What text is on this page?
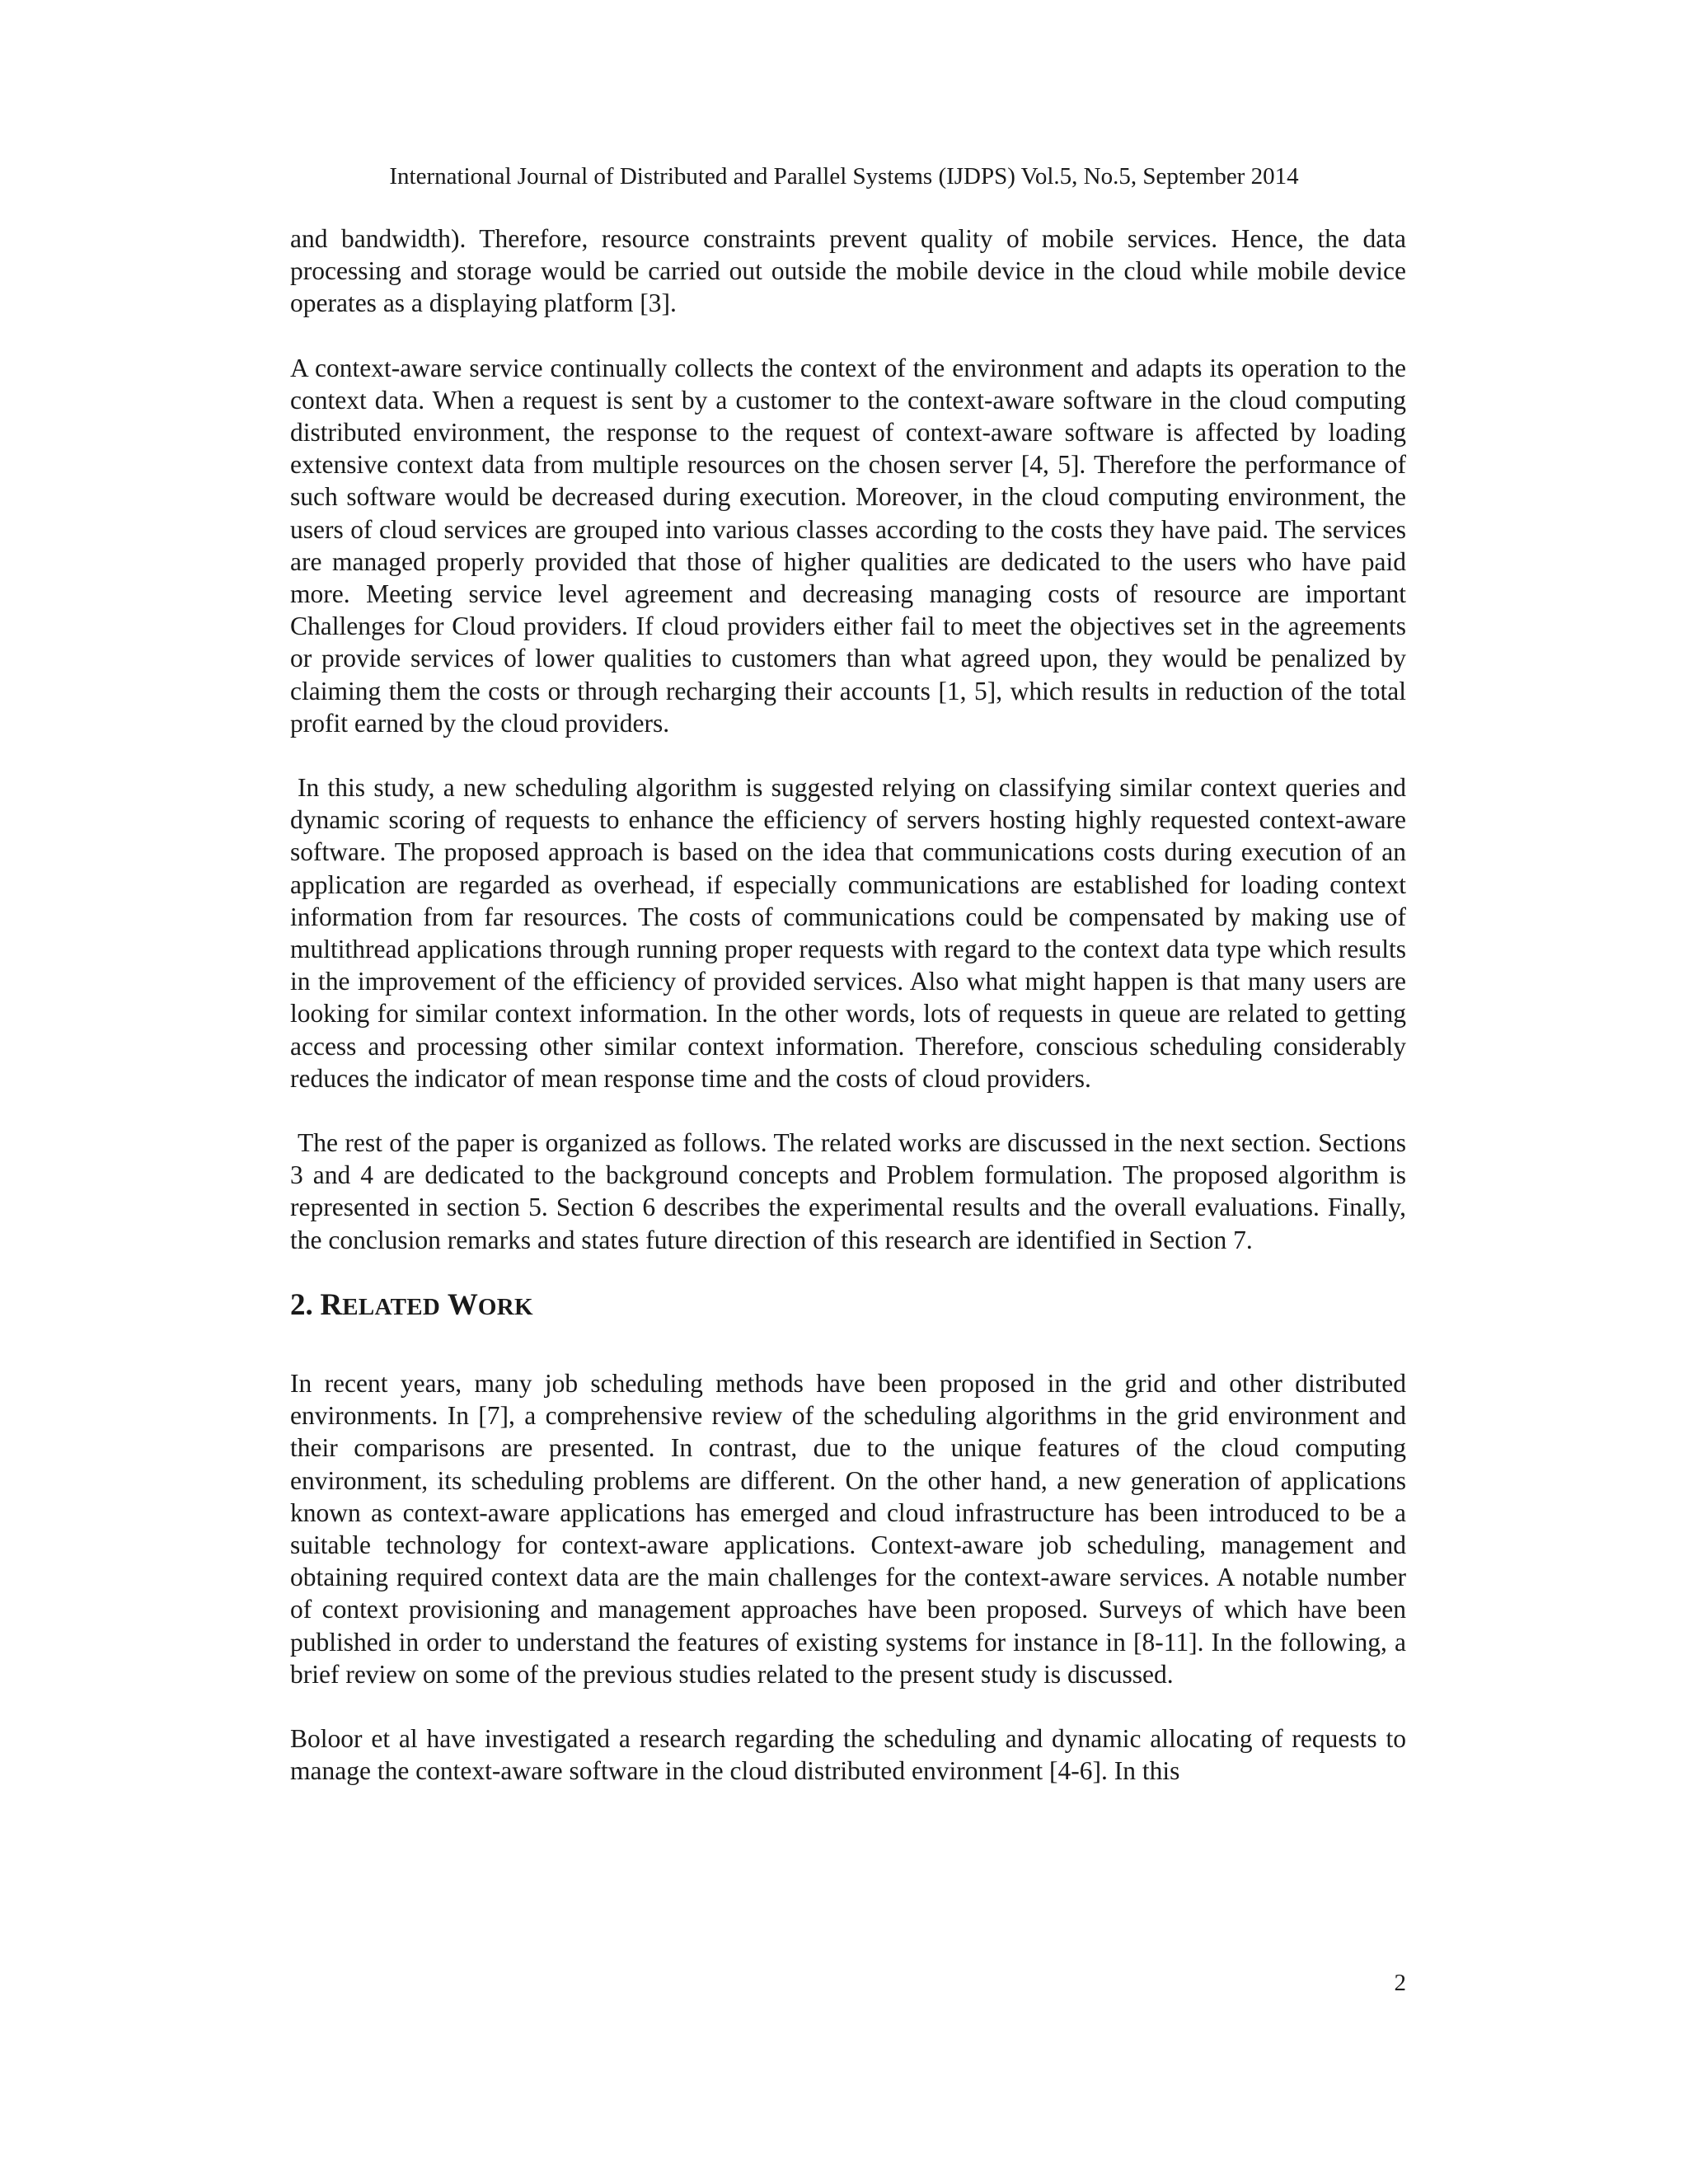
International Journal of Distributed and Parallel Systems (IJDPS) Vol.5, No.5, September 2014

and bandwidth). Therefore, resource constraints prevent quality of mobile services. Hence, the data processing and storage would be carried out outside the mobile device in the cloud while mobile device operates as a displaying platform [3].

A context-aware service continually collects the context of the environment and adapts its operation to the context data. When a request is sent by a customer to the context-aware software in the cloud computing distributed environment, the response to the request of context-aware software is affected by loading extensive context data from multiple resources on the chosen server [4, 5]. Therefore the performance of such software would be decreased during execution. Moreover, in the cloud computing environment, the users of cloud services are grouped into various classes according to the costs they have paid. The services are managed properly provided that those of higher qualities are dedicated to the users who have paid more. Meeting service level agreement and decreasing managing costs of resource are important Challenges for Cloud providers. If cloud providers either fail to meet the objectives set in the agreements or provide services of lower qualities to customers than what agreed upon, they would be penalized by claiming them the costs or through recharging their accounts [1, 5], which results in reduction of the total profit earned by the cloud providers.

In this study, a new scheduling algorithm is suggested relying on classifying similar context queries and dynamic scoring of requests to enhance the efficiency of servers hosting highly requested context-aware software. The proposed approach is based on the idea that communications costs during execution of an application are regarded as overhead, if especially communications are established for loading context information from far resources. The costs of communications could be compensated by making use of multithread applications through running proper requests with regard to the context data type which results in the improvement of the efficiency of provided services. Also what might happen is that many users are looking for similar context information. In the other words, lots of requests in queue are related to getting access and processing other similar context information. Therefore, conscious scheduling considerably reduces the indicator of mean response time and the costs of cloud providers.

The rest of the paper is organized as follows. The related works are discussed in the next section. Sections 3 and 4 are dedicated to the background concepts and Problem formulation. The proposed algorithm is represented in section 5. Section 6 describes the experimental results and the overall evaluations. Finally, the conclusion remarks and states future direction of this research are identified in Section 7.

2. RELATED WORK

In recent years, many job scheduling methods have been proposed in the grid and other distributed environments. In [7], a comprehensive review of the scheduling algorithms in the grid environment and their comparisons are presented. In contrast, due to the unique features of the cloud computing environment, its scheduling problems are different. On the other hand, a new generation of applications known as context-aware applications has emerged and cloud infrastructure has been introduced to be a suitable technology for context-aware applications. Context-aware job scheduling, management and obtaining required context data are the main challenges for the context-aware services. A notable number of context provisioning and management approaches have been proposed. Surveys of which have been published in order to understand the features of existing systems for instance in [8-11]. In the following, a brief review on some of the previous studies related to the present study is discussed.

Boloor et al have investigated a research regarding the scheduling and dynamic allocating of requests to manage the context-aware software in the cloud distributed environment [4-6]. In this

2
